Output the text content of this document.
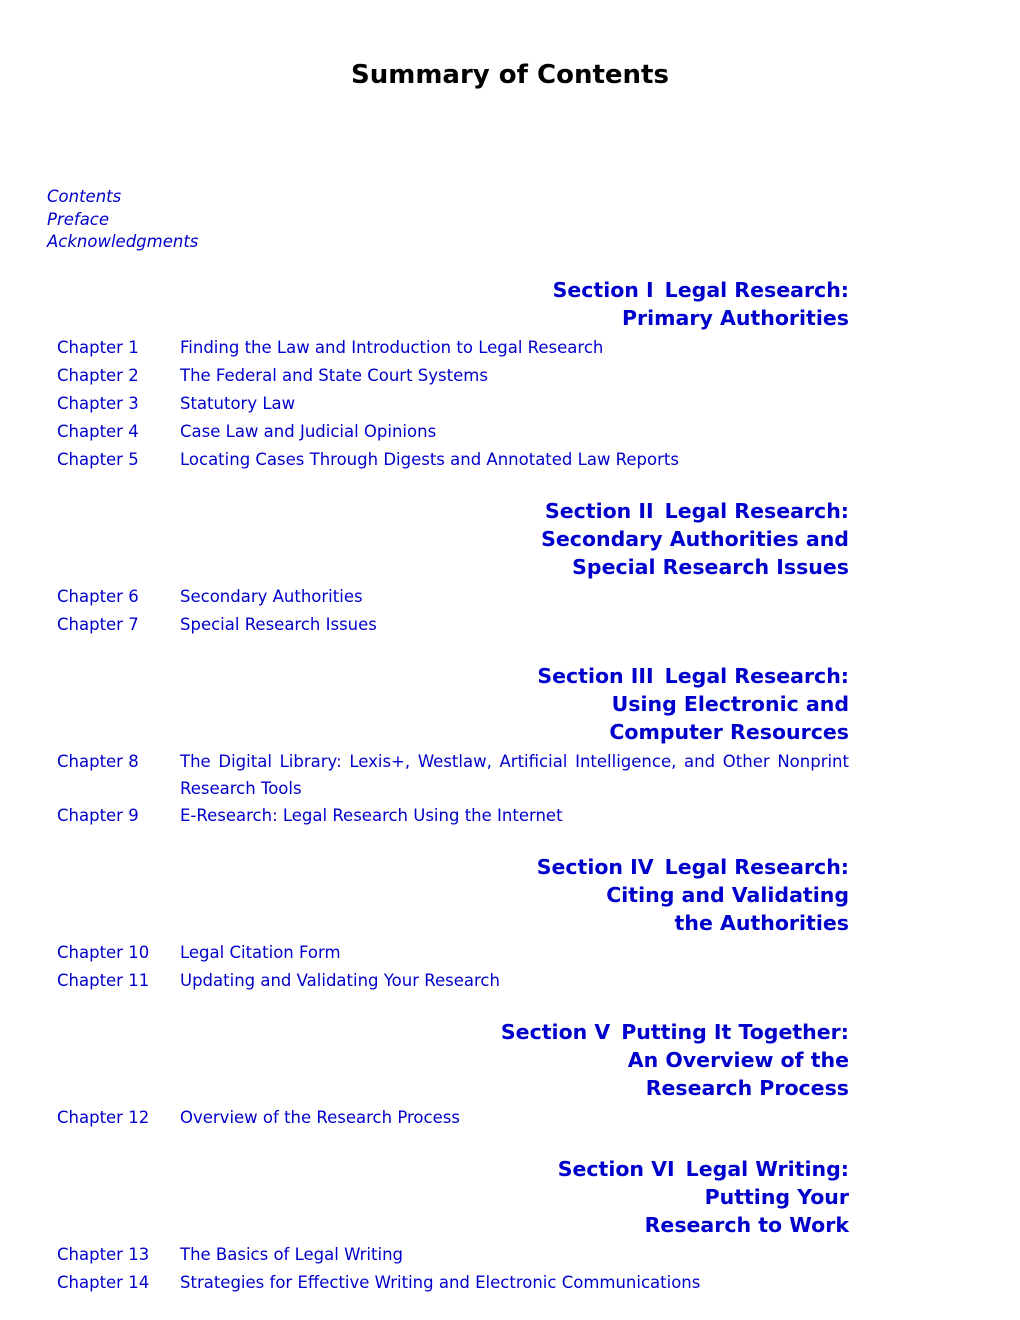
Summary of Contents
Contents
Preface
Acknowledgments
Section I Legal Research:
Primary Authorities
Chapter 1	Finding the Law and Introduction to Legal Research
Chapter 2	The Federal and State Court Systems
Chapter 3	Statutory Law
Chapter 4	Case Law and Judicial Opinions
Chapter 5	Locating Cases Through Digests and Annotated Law Reports
Section II Legal Research:
Secondary Authorities and
Special Research Issues
Chapter 6	Secondary Authorities
Chapter 7	Special Research Issues
Section III Legal Research:
Using Electronic and
Computer Resources
Chapter 8	The Digital Library: Lexis+, Westlaw, Artificial Intelligence, and Other Nonprint Research Tools
Chapter 9	E-Research: Legal Research Using the Internet
Section IV Legal Research:
Citing and Validating
the Authorities
Chapter 10	Legal Citation Form
Chapter 11	Updating and Validating Your Research
Section V Putting It Together:
An Overview of the
Research Process
Chapter 12	Overview of the Research Process
Section VI Legal Writing:
Putting Your
Research to Work
Chapter 13	The Basics of Legal Writing
Chapter 14	Strategies for Effective Writing and Electronic Communications
